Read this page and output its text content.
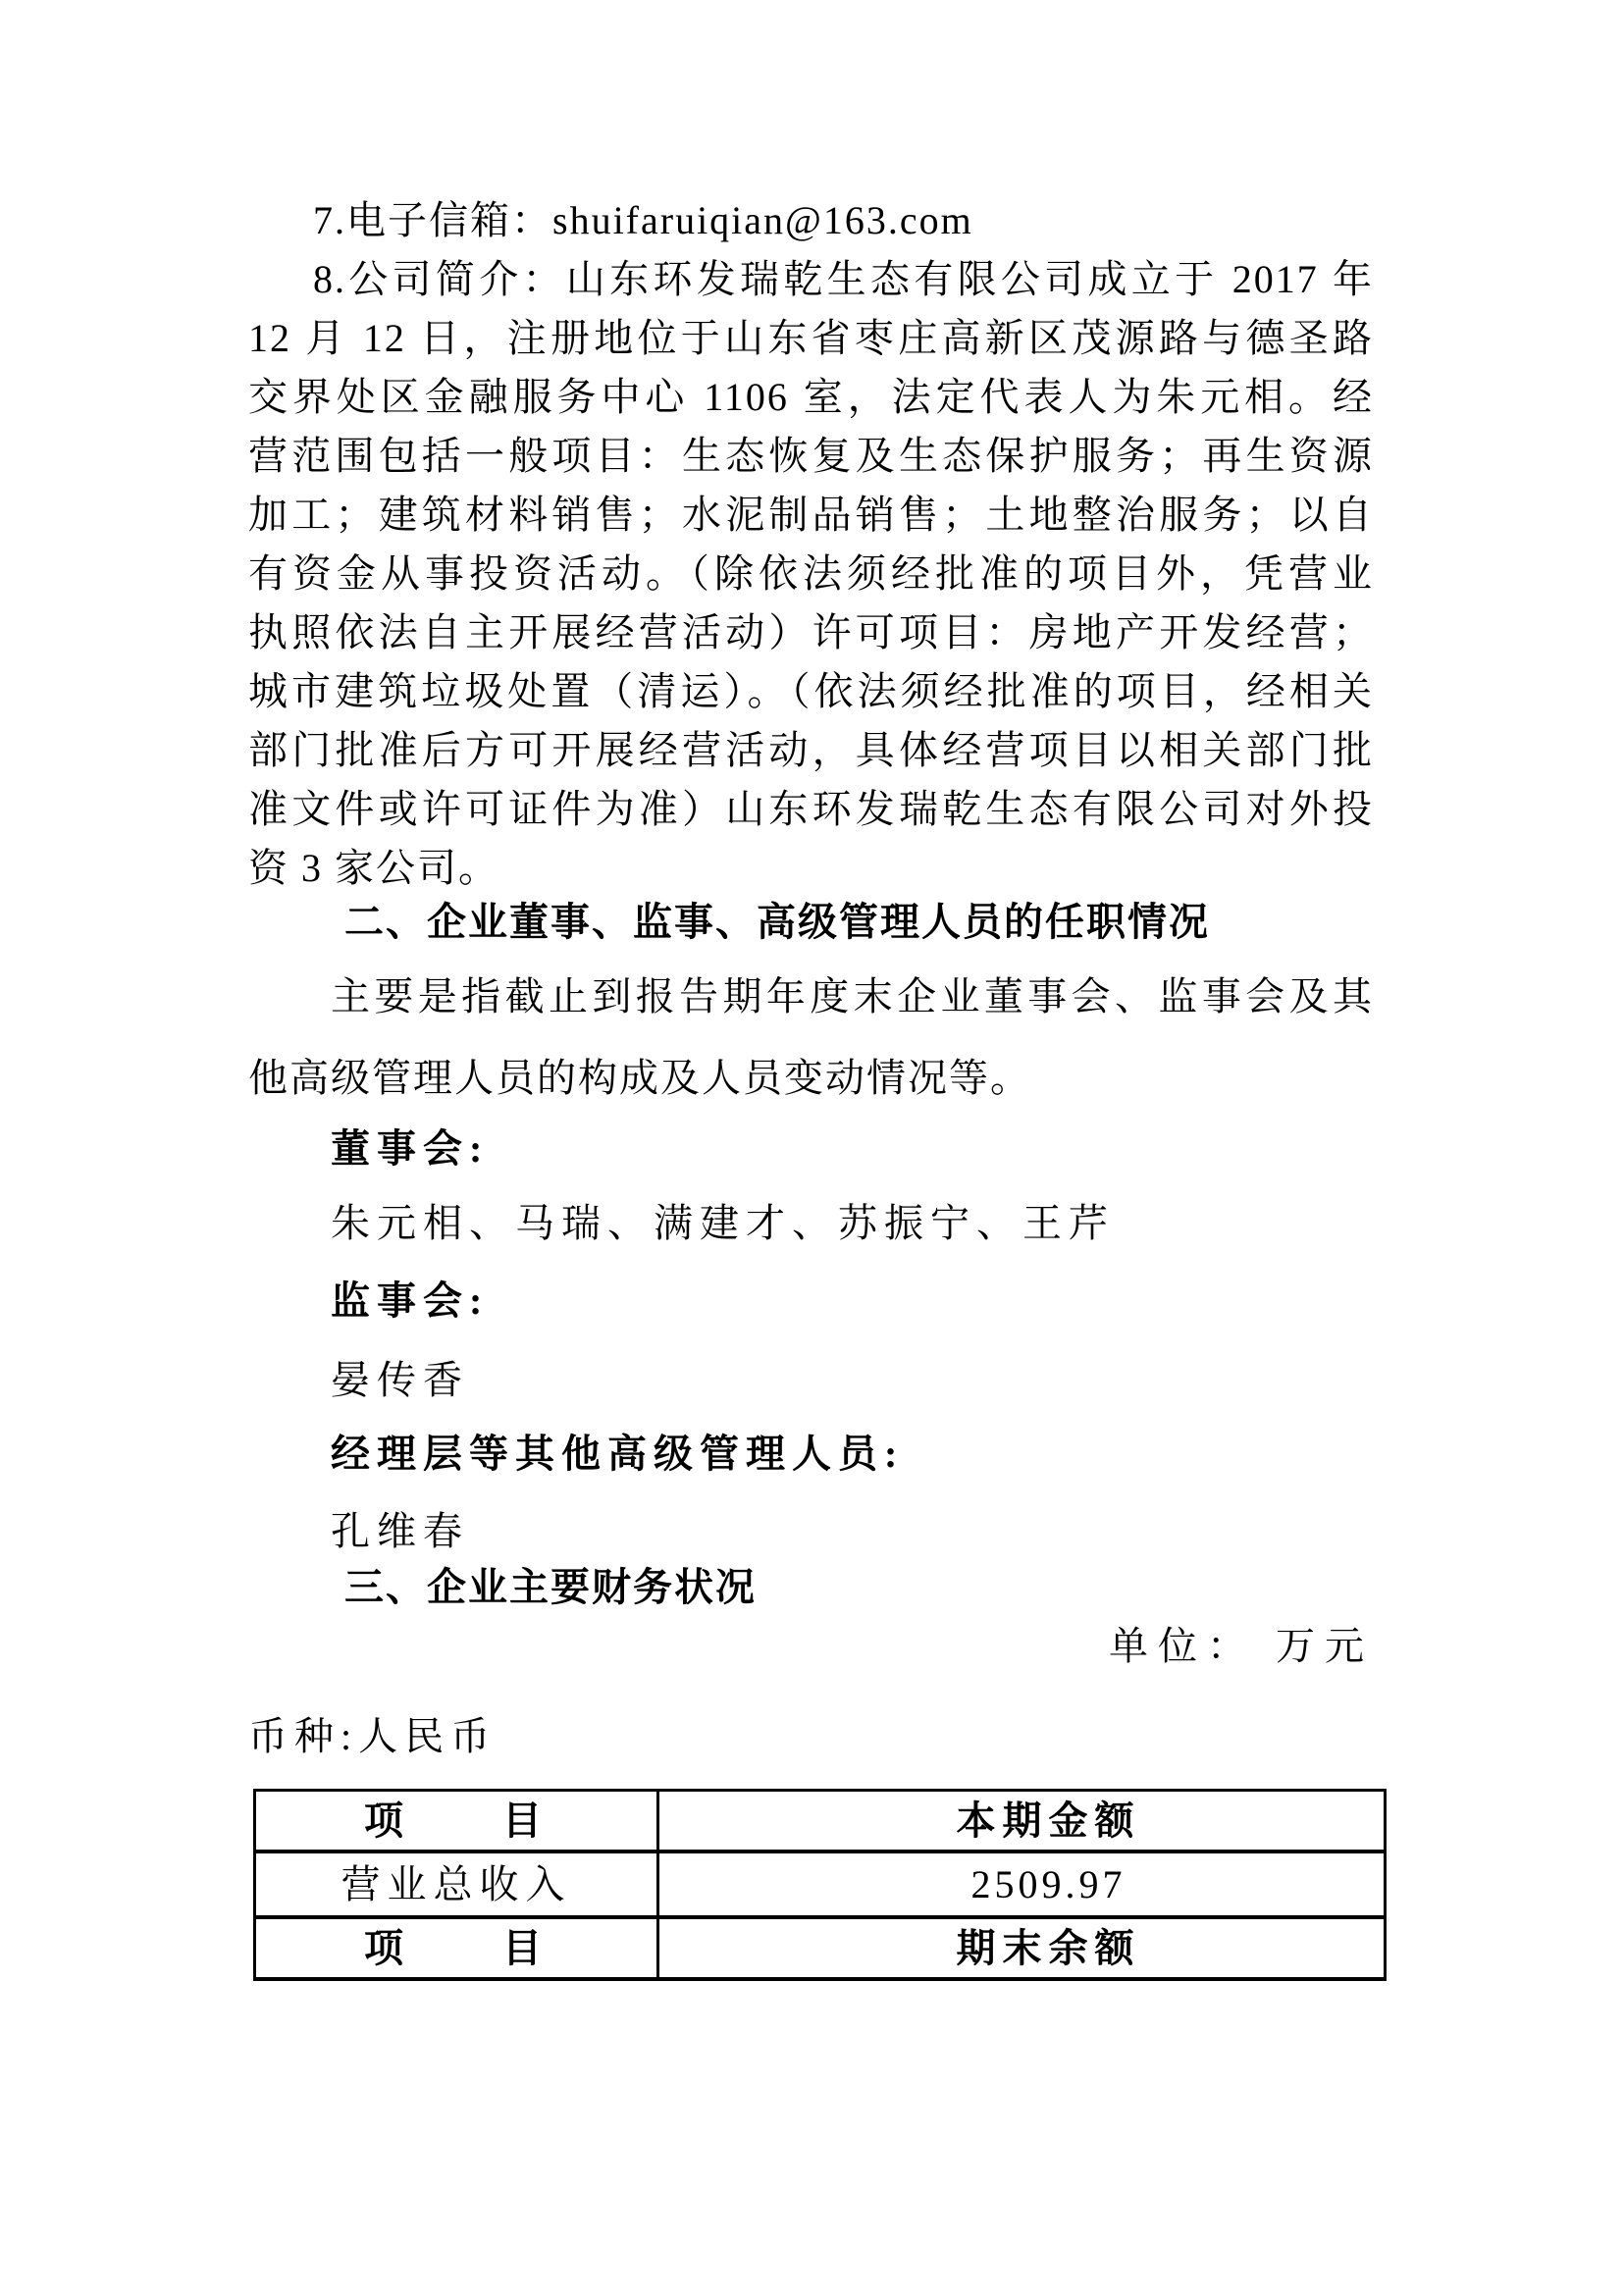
7.电子信箱：shuifaruiqian@163.com
8.公司简介：山东环发瑞乾生态有限公司成立于 2017 年
12 月 12 日，注册地位于山东省枣庄高新区茂源路与德圣路
交界处区金融服务中心 1106 室，法定代表人为朱元相。经
营范围包括一般项目：生态恢复及生态保护服务；再生资源
加工；建筑材料销售；水泥制品销售；土地整治服务；以自
有资金从事投资活动。（除依法须经批准的项目外，凭营业
执照依法自主开展经营活动）许可项目：房地产开发经营；
城市建筑垃圾处置（清运）。（依法须经批准的项目，经相关
部门批准后方可开展经营活动，具体经营项目以相关部门批
准文件或许可证件为准）山东环发瑞乾生态有限公司对外投
资 3 家公司。
二、企业董事、监事、高级管理人员的任职情况
主要是指截止到报告期年度末企业董事会、监事会及其
他高级管理人员的构成及人员变动情况等。
董事会:
朱元相、马瑞、满建才、苏振宁、王芹
监事会:
晏传香
经理层等其他高级管理人员:
孔维春
三、企业主要财务状况
单位： 万元
币种:人民币
项　　目	本期金额
营业总收入	2509.97
项　　目	期末余额
